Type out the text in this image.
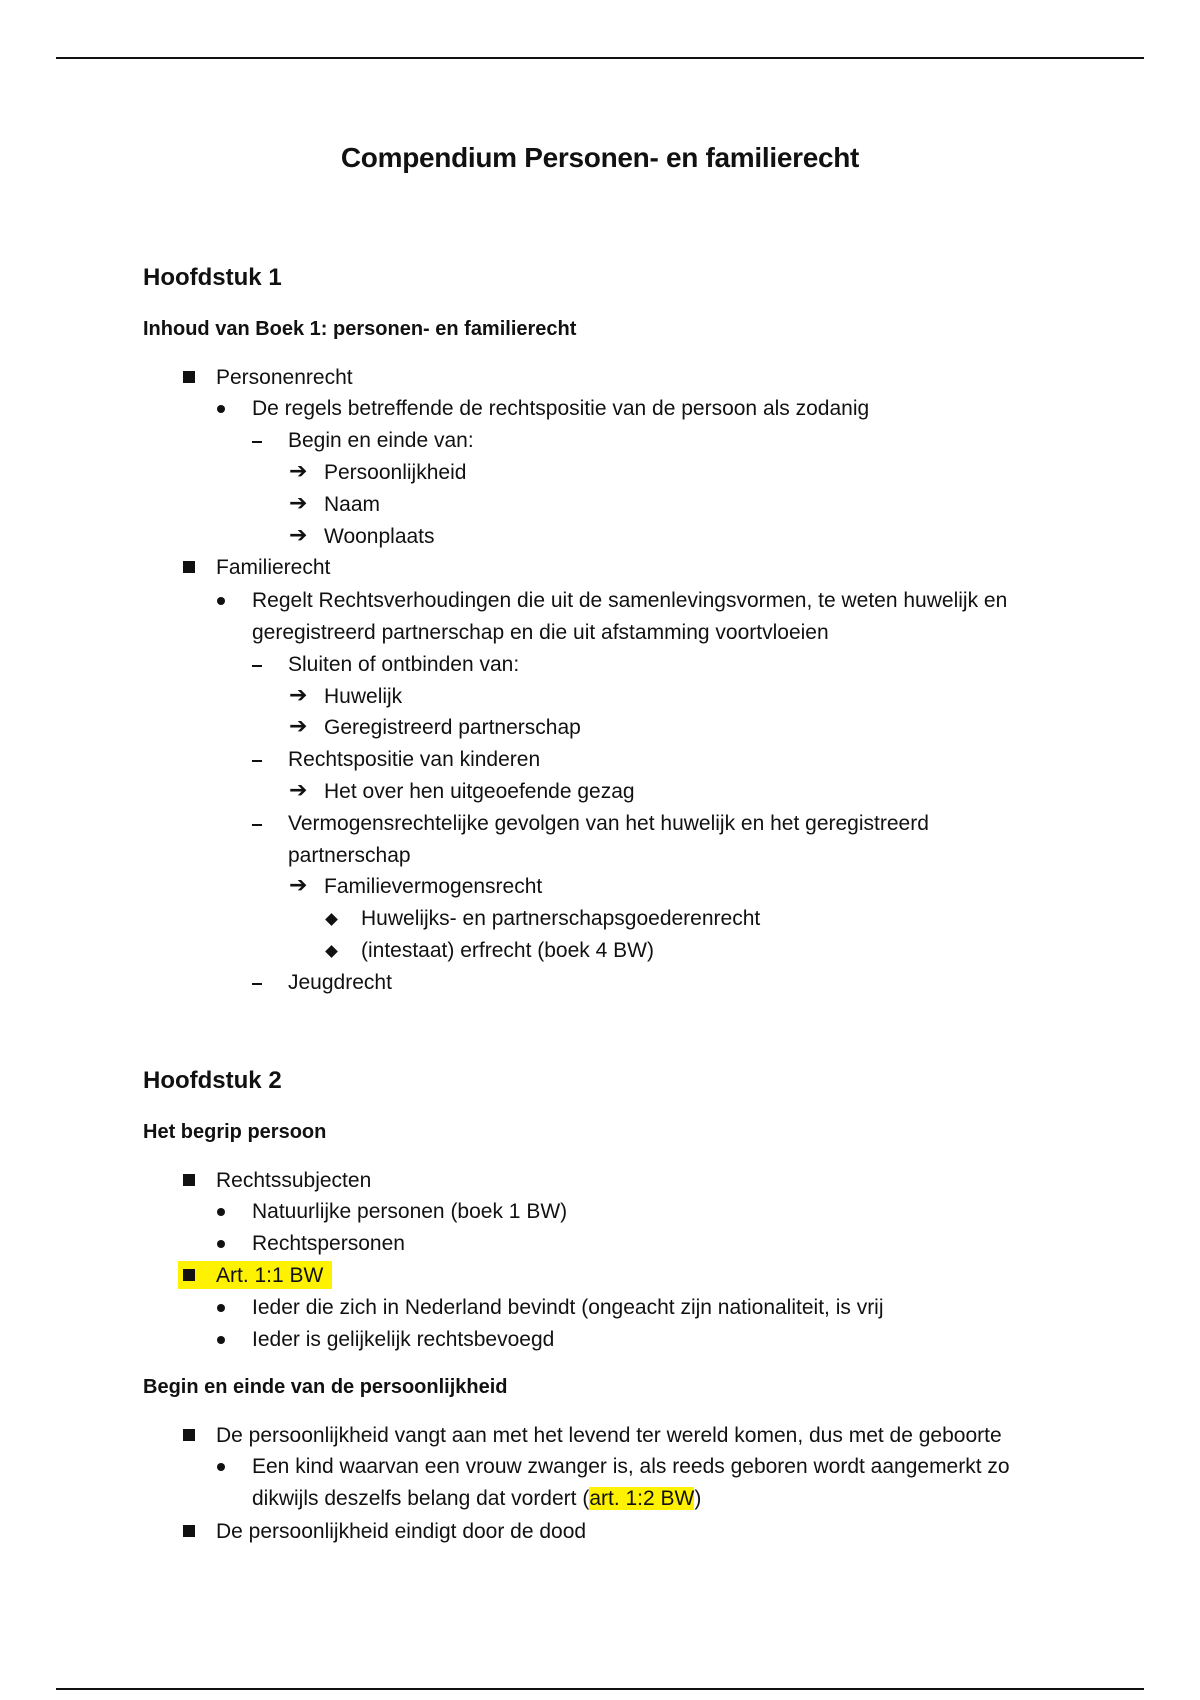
Compendium Personen- en familierecht
Hoofdstuk 1
Inhoud van Boek 1: personen- en familierecht
Personenrecht
De regels betreffende de rechtspositie van de persoon als zodanig
Begin en einde van:
➔ Persoonlijkheid
➔ Naam
➔ Woonplaats
Familierecht
Regelt Rechtsverhoudingen die uit de samenlevingsvormen, te weten huwelijk en
geregistreerd partnerschap en die uit afstamming voortvloeien
Sluiten of ontbinden van:
➔ Huwelijk
➔ Geregistreerd partnerschap
Rechtspositie van kinderen
➔ Het over hen uitgeoefende gezag
Vermogensrechtelijke gevolgen van het huwelijk en het geregistreerd
partnerschap
➔ Familievermogensrecht
Huwelijks- en partnerschapsgoederenrecht
(intestaat) erfrecht (boek 4 BW)
Jeugdrecht
Hoofdstuk 2
Het begrip persoon
Rechtssubjecten
Natuurlijke personen (boek 1 BW)
Rechtspersonen
Art. 1:1 BW
Ieder die zich in Nederland bevindt (ongeacht zijn nationaliteit, is vrij
Ieder is gelijkelijk rechtsbevoegd
Begin en einde van de persoonlijkheid
De persoonlijkheid vangt aan met het levend ter wereld komen, dus met de geboorte
Een kind waarvan een vrouw zwanger is, als reeds geboren wordt aangemerkt zo
dikwijls deszelfs belang dat vordert (art. 1:2 BW)
De persoonlijkheid eindigt door de dood
